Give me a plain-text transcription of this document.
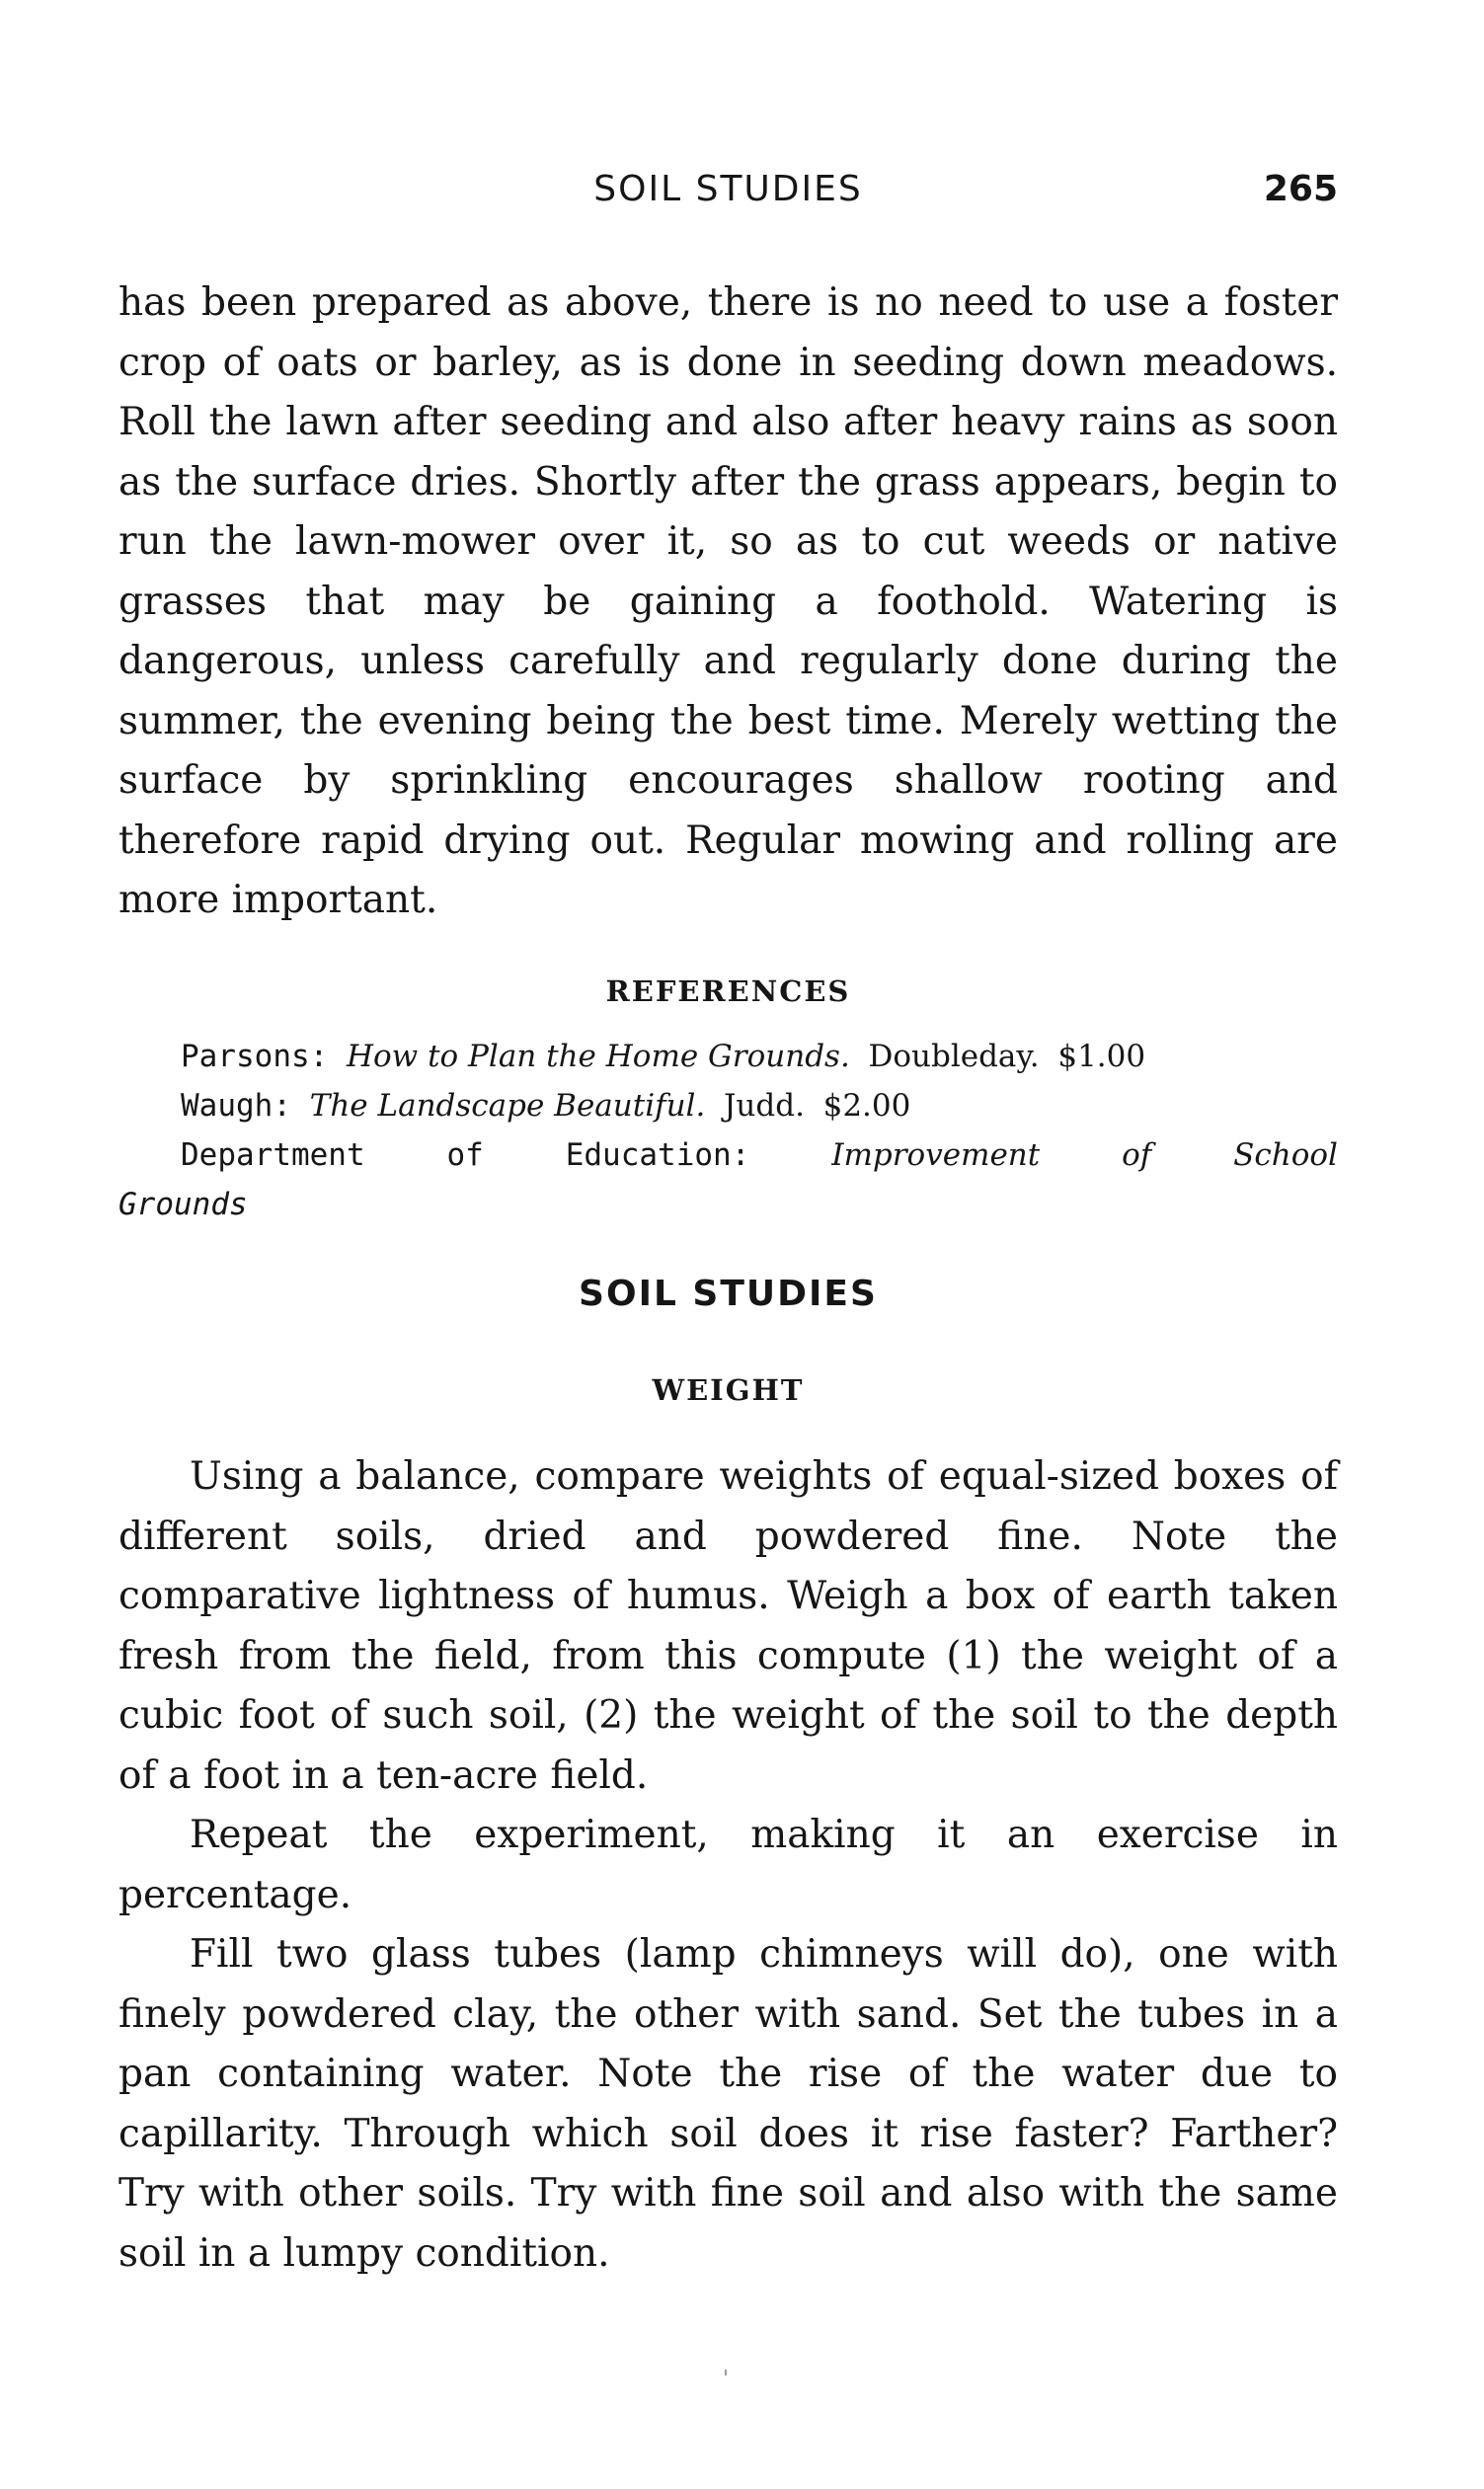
SOIL STUDIES	265

has been prepared as above, there is no need to use a foster crop of oats or barley, as is done in seeding down meadows. Roll the lawn after seeding and also after heavy rains as soon as the surface dries. Shortly after the grass appears, begin to run the lawn-mower over it, so as to cut weeds or native grasses that may be gaining a foothold. Watering is dangerous, unless carefully and regularly done during the summer, the evening being the best time. Merely wetting the surface by sprinkling encourages shallow rooting and therefore rapid drying out. Regular mowing and rolling are more important.

REFERENCES

Parsons: How to Plan the Home Grounds. Doubleday. $1.00

Waugh: The Landscape Beautiful. Judd. $2.00

Department	of	Education:	Improvement	of	School

Grounds

SOIL STUDIES
WEIGHT

Using a balance, compare weights of equal-sized boxes of different soils, dried and powdered fine. Note the comparative lightness of humus. Weigh a box of earth taken fresh from the field, from this compute (1) the weight of a cubic foot of such soil, (2) the weight of the soil to the depth of a foot in a ten-acre field.

Repeat the experiment, making it an exercise in percentage.

Fill two glass tubes (lamp chimneys will do), one with finely powdered clay, the other with sand. Set the tubes in a pan containing water. Note the rise of the water due to capillarity. Through which soil does it rise faster? Farther? Try with other soils. Try with fine soil and also with the same soil in a lumpy condition.
